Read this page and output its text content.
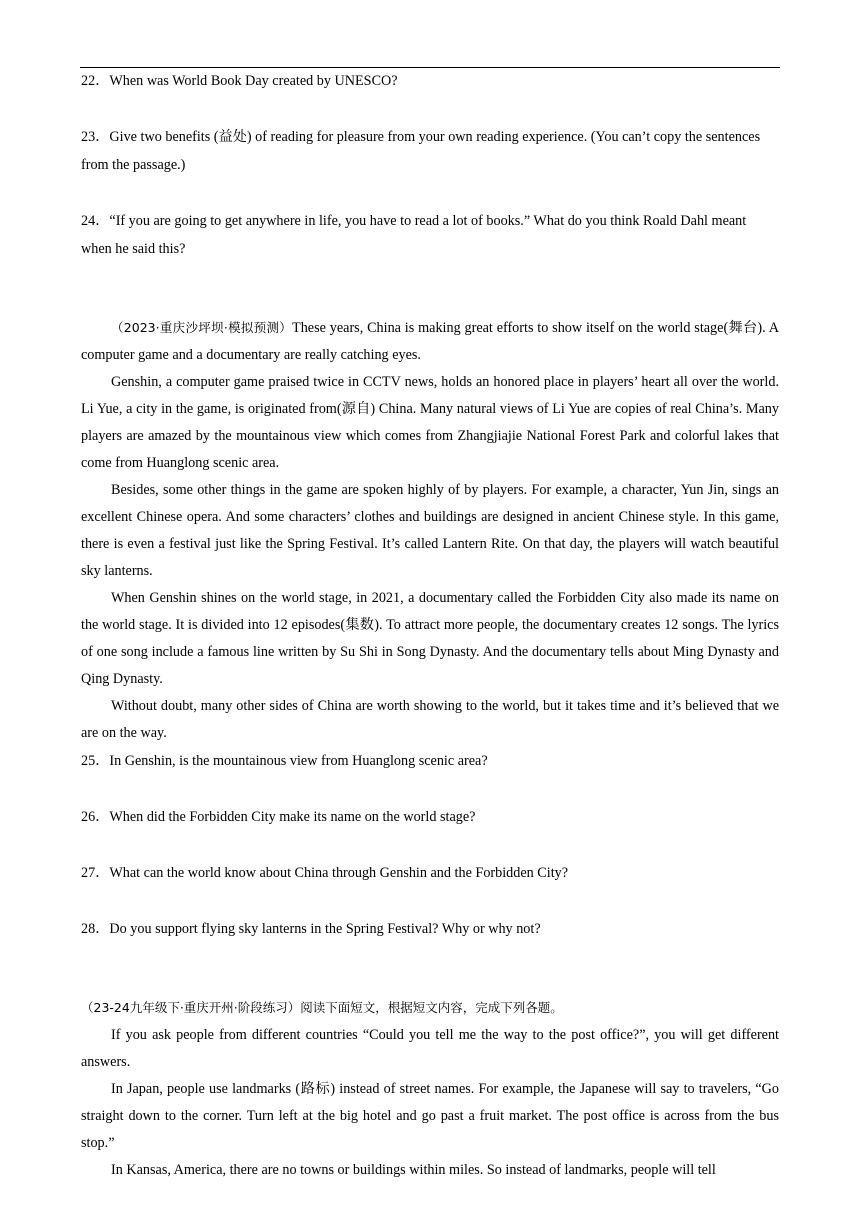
22．When was World Book Day created by UNESCO?

23．Give two benefits (益处) of reading for pleasure from your own reading experience. (You can’t copy the sentences from the passage.)

24．“If you are going to get anywhere in life, you have to read a lot of books.” What do you think Roald Dahl meant when he said this?

（2023·重庆沙坪坝·模拟预测）These years, China is making great efforts to show itself on the world stage(舞台). A computer game and a documentary are really catching eyes.

Genshin, a computer game praised twice in CCTV news, holds an honored place in players’ heart all over the world. Li Yue, a city in the game, is originated from(源自) China. Many natural views of Li Yue are copies of real China’s. Many players are amazed by the mountainous view which comes from Zhangjiajie National Forest Park and colorful lakes that come from Huanglong scenic area.

Besides, some other things in the game are spoken highly of by players. For example, a character, Yun Jin, sings an excellent Chinese opera. And some characters’ clothes and buildings are designed in ancient Chinese style. In this game, there is even a festival just like the Spring Festival. It’s called Lantern Rite. On that day, the players will watch beautiful sky lanterns.

When Genshin shines on the world stage, in 2021, a documentary called the Forbidden City also made its name on the world stage. It is divided into 12 episodes(集数). To attract more people, the documentary creates 12 songs. The lyrics of one song include a famous line written by Su Shi in Song Dynasty. And the documentary tells about Ming Dynasty and Qing Dynasty.

Without doubt, many other sides of China are worth showing to the world, but it takes time and it’s believed that we are on the way.

25．In Genshin, is the mountainous view from Huanglong scenic area?

26．When did the Forbidden City make its name on the world stage?

27．What can the world know about China through Genshin and the Forbidden City?

28．Do you support flying sky lanterns in the Spring Festival? Why or why not?

（23-24九年级下·重庆开州·阶段练习）阅读下面短文，根据短文内容，完成下列各题。

If you ask people from different countries “Could you tell me the way to the post office?”, you will get different answers.

In Japan, people use landmarks (路标) instead of street names. For example, the Japanese will say to travelers, “Go straight down to the corner. Turn left at the big hotel and go past a fruit market. The post office is across from the bus stop.”

In Kansas, America, there are no towns or buildings within miles. So instead of landmarks, people will tell
